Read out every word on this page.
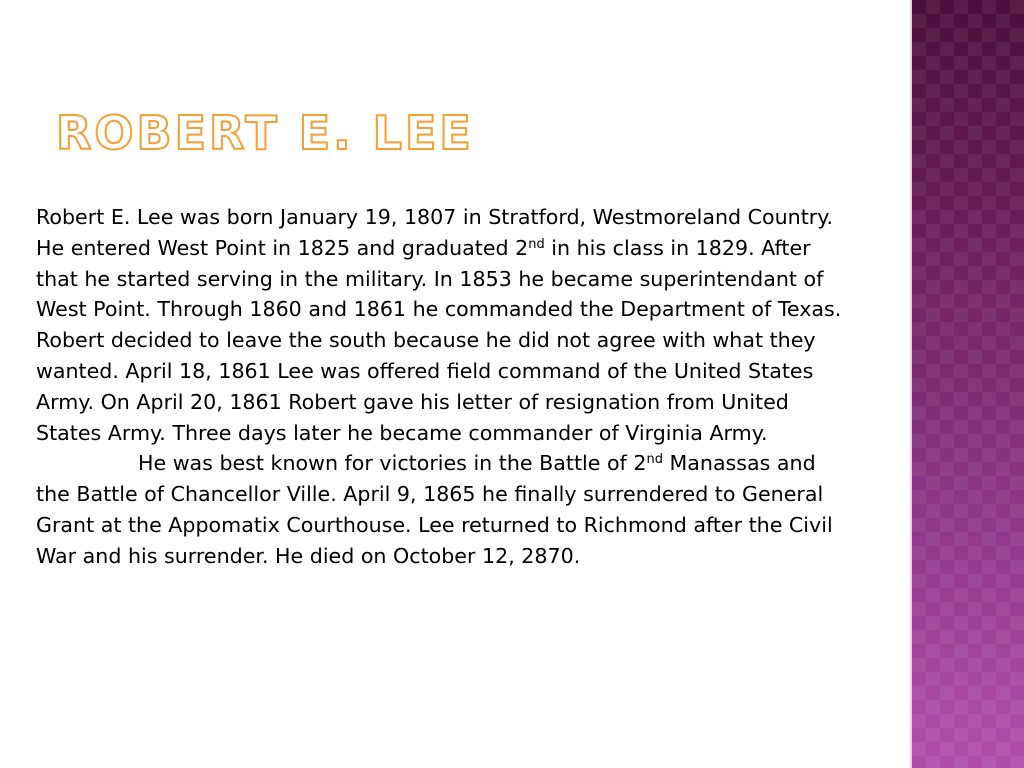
ROBERT E. LEE

Robert E. Lee was born January 19, 1807 in Stratford, Westmoreland Country. He entered West Point in 1825 and graduated 2nd in his class in 1829. After that he started serving in the military. In 1853 he became superintendant of West Point. Through 1860 and 1861 he commanded the Department of Texas. Robert decided to leave the south because he did not agree with what they wanted. April 18, 1861 Lee was offered field command of the United States Army. On April 20, 1861 Robert gave his letter of resignation from United States Army. Three days later he became commander of Virginia Army.

He was best known for victories in the Battle of 2nd Manassas and the Battle of Chancellor Ville. April 9, 1865 he finally surrendered to General Grant at the Appomatix Courthouse. Lee returned to Richmond after the Civil War and his surrender. He died on October 12, 2870.
